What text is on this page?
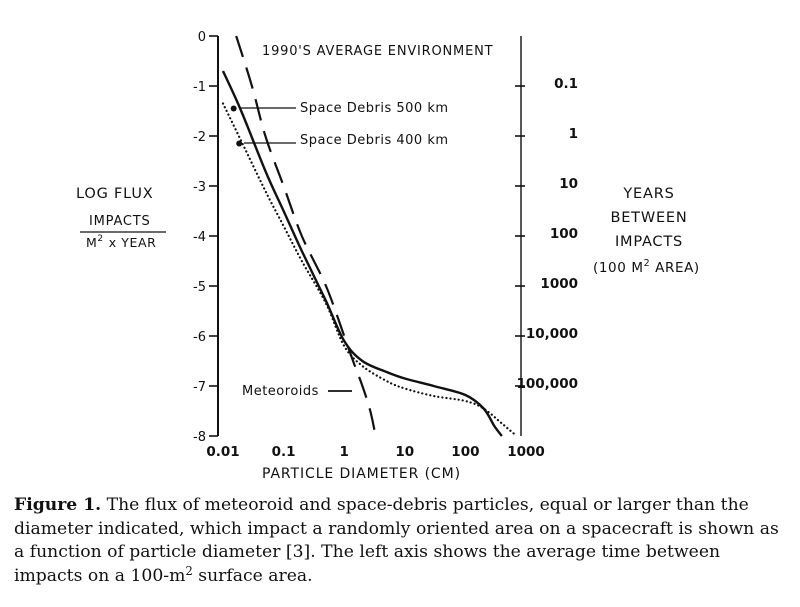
0
-1
-2
-3
-4
-5
-6
-7
-8
0.1
1
10
100
1000
10,000
100,000
0.01 0.1	1	10	100 1000
1990'S AVERAGE ENVIRONMENT
Space Debris 500 km
Space Debris 400 km
Meteoroids
LOG FLUX
IMPACTS
$M^2$ x YEAR
YEARS
BETWEEN
IMPACTS
(100 $M^2$ AREA)
PARTICLE DIAMETER (CM)
Figure 1. The flux of meteoroid and space-debris particles, equal or larger than the diameter indicated, which impact a randomly oriented area on a spacecraft is shown as a function of particle diameter [3]. The left axis shows the average time between impacts on a $100-m^2$ surface area.
